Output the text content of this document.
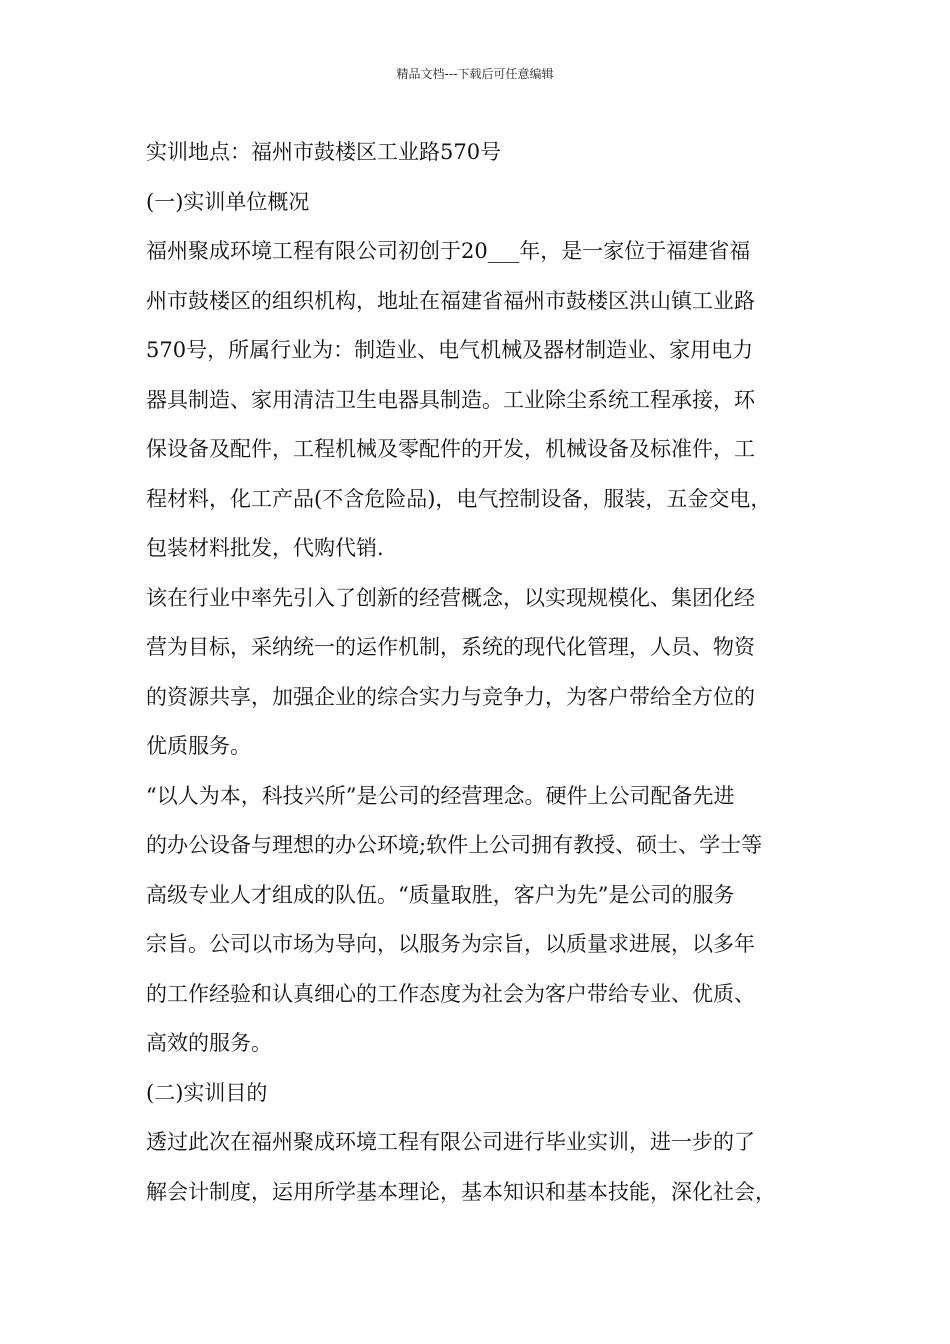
精品文档---下载后可任意编辑
实训地点：福州市鼓楼区工业路570号
(一)实训单位概况
福州聚成环境工程有限公司初创于20___年，是一家位于福建省福
州市鼓楼区的组织机构，地址在福建省福州市鼓楼区洪山镇工业路
570号，所属行业为：制造业、电气机械及器材制造业、家用电力
器具制造、家用清洁卫生电器具制造。工业除尘系统工程承接，环
保设备及配件，工程机械及零配件的开发，机械设备及标准件，工
程材料，化工产品(不含危险品)，电气控制设备，服装，五金交电，
包装材料批发，代购代销.
该在行业中率先引入了创新的经营概念，以实现规模化、集团化经
营为目标，采纳统一的运作机制，系统的现代化管理，人员、物资
的资源共享，加强企业的综合实力与竞争力，为客户带给全方位的
优质服务。
“以人为本，科技兴所”是公司的经营理念。硬件上公司配备先进
的办公设备与理想的办公环境;软件上公司拥有教授、硕士、学士等
高级专业人才组成的队伍。“质量取胜，客户为先”是公司的服务
宗旨。公司以市场为导向，以服务为宗旨，以质量求进展，以多年
的工作经验和认真细心的工作态度为社会为客户带给专业、优质、
高效的服务。
(二)实训目的
透过此次在福州聚成环境工程有限公司进行毕业实训，进一步的了
解会计制度，运用所学基本理论，基本知识和基本技能，深化社会，
